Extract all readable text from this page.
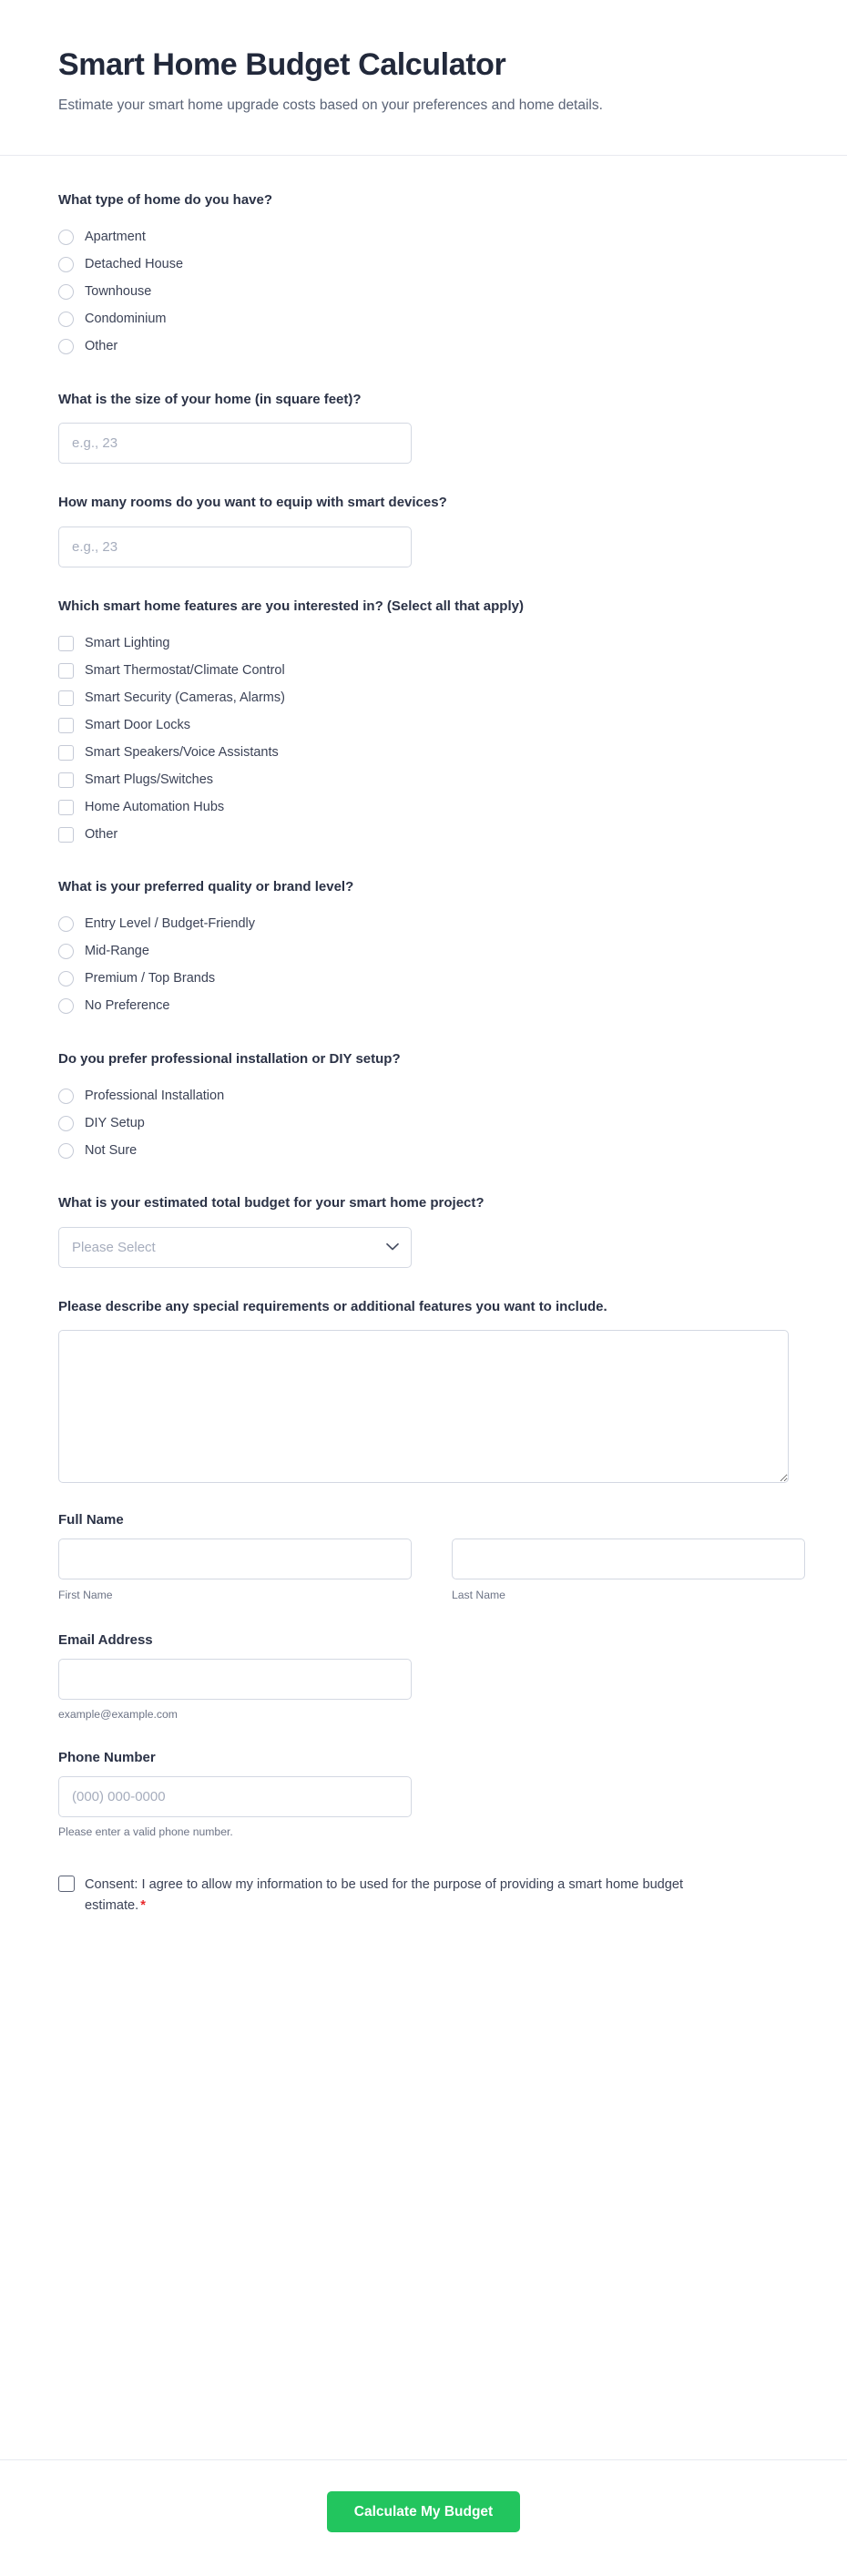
Smart Home Budget Calculator

Estimate your smart home upgrade costs based on your preferences and home details.

What type of home do you have?
Apartment
Detached House
Townhouse
Condominium
Other
What is the size of your home (in square feet)?
e.g., 23
How many rooms do you want to equip with smart devices?
e.g., 23
Which smart home features are you interested in? (Select all that apply)
Smart Lighting
Smart Thermostat/Climate Control
Smart Security (Cameras, Alarms)
Smart Door Locks
Smart Speakers/Voice Assistants
Smart Plugs/Switches
Home Automation Hubs
Other
What is your preferred quality or brand level?
Entry Level / Budget-Friendly
Mid-Range
Premium / Top Brands
No Preference
Do you prefer professional installation or DIY setup?
Professional Installation
DIY Setup
Not Sure
What is your estimated total budget for your smart home project?
Please Select
Please describe any special requirements or additional features you want to include.
Full Name
First Name	Last Name
Email Address
example@example.com
Phone Number
(000) 000-0000
Please enter a valid phone number.
Consent: I agree to allow my information to be used for the purpose of providing a smart home budget estimate. *
Calculate My Budget
